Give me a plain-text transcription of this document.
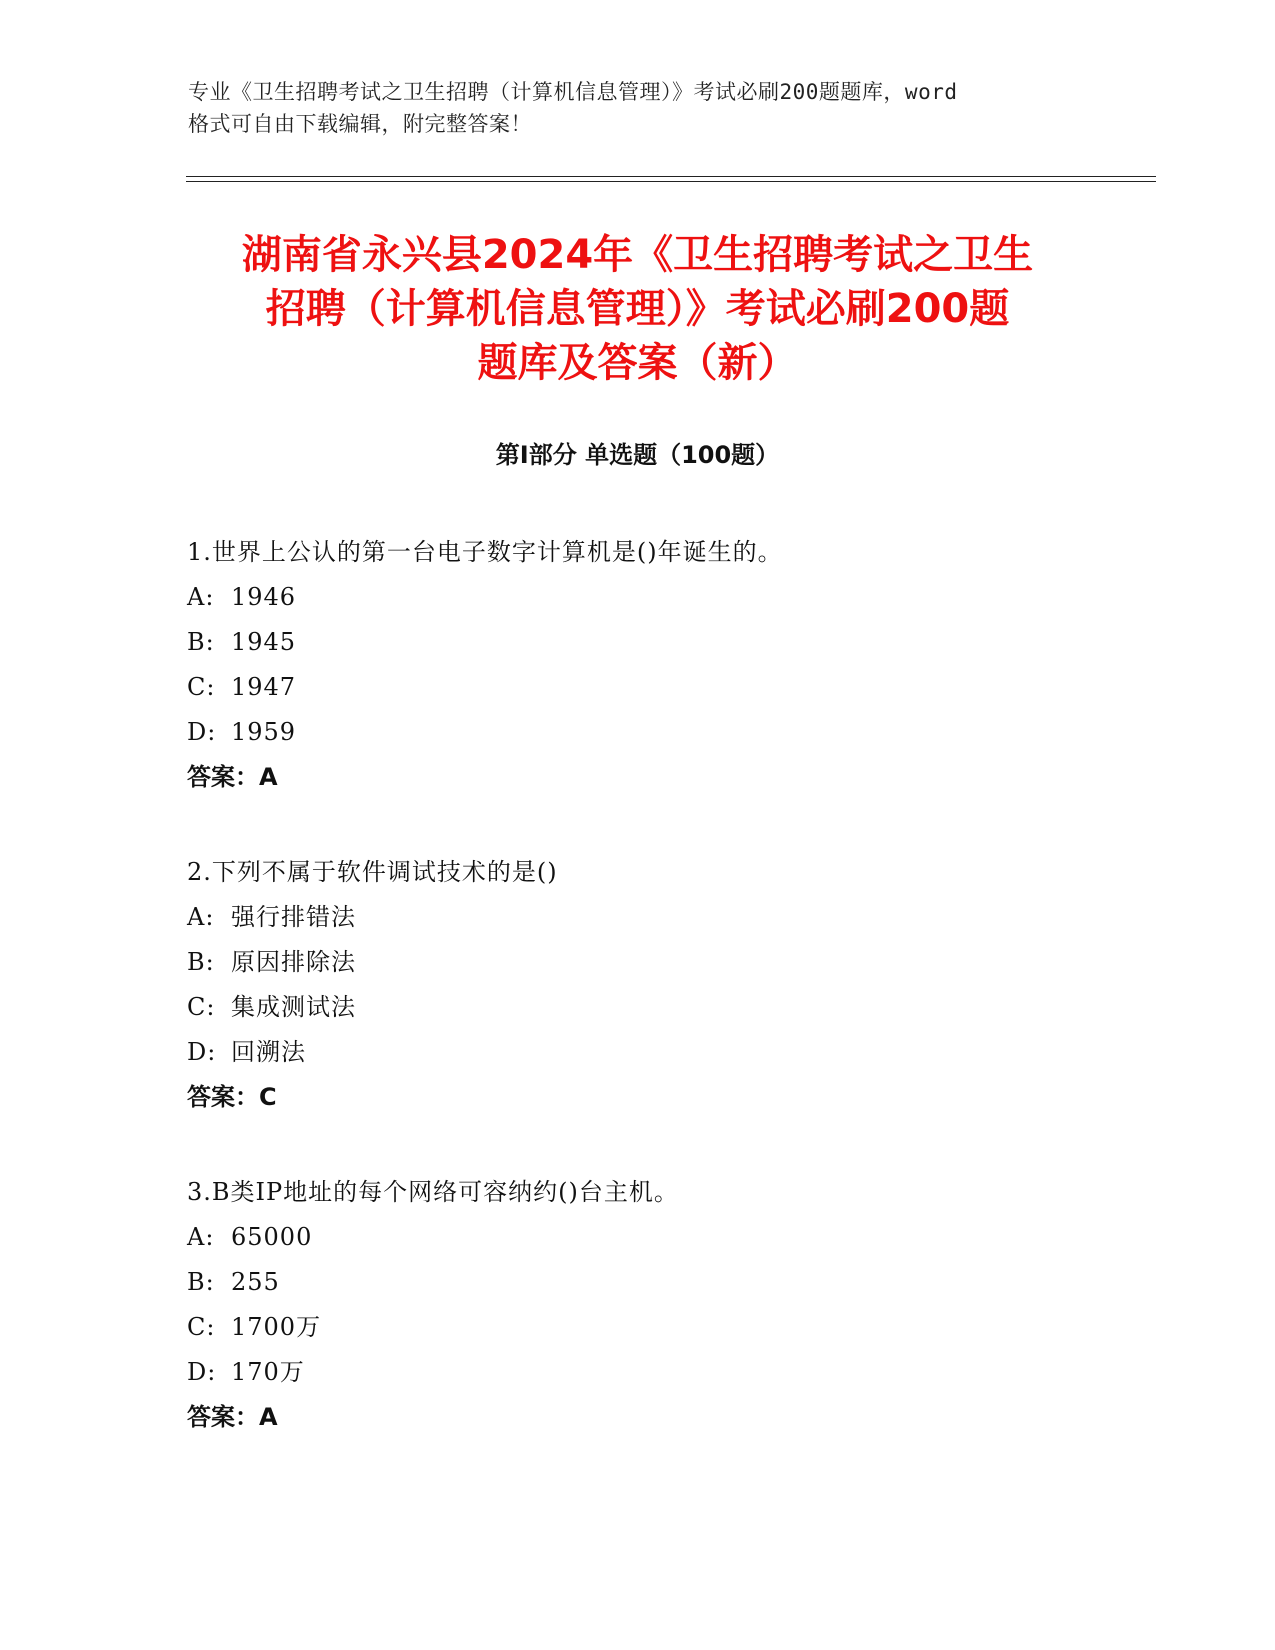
专业《卫生招聘考试之卫生招聘（计算机信息管理）》考试必刷200题题库，word
格式可自由下载编辑，附完整答案！
湖南省永兴县2024年《卫生招聘考试之卫生
招聘（计算机信息管理）》考试必刷200题
题库及答案（新）
第Ⅰ部分 单选题（100题）
1.世界上公认的第一台电子数字计算机是()年诞生的。
A: 1946
B: 1945
C: 1947
D: 1959
答案：A
2.下列不属于软件调试技术的是()
A: 强行排错法
B: 原因排除法
C: 集成测试法
D: 回溯法
答案：C
3.B类IP地址的每个网络可容纳约()台主机。
A: 65000
B: 255
C: 1700万
D: 170万
答案：A
